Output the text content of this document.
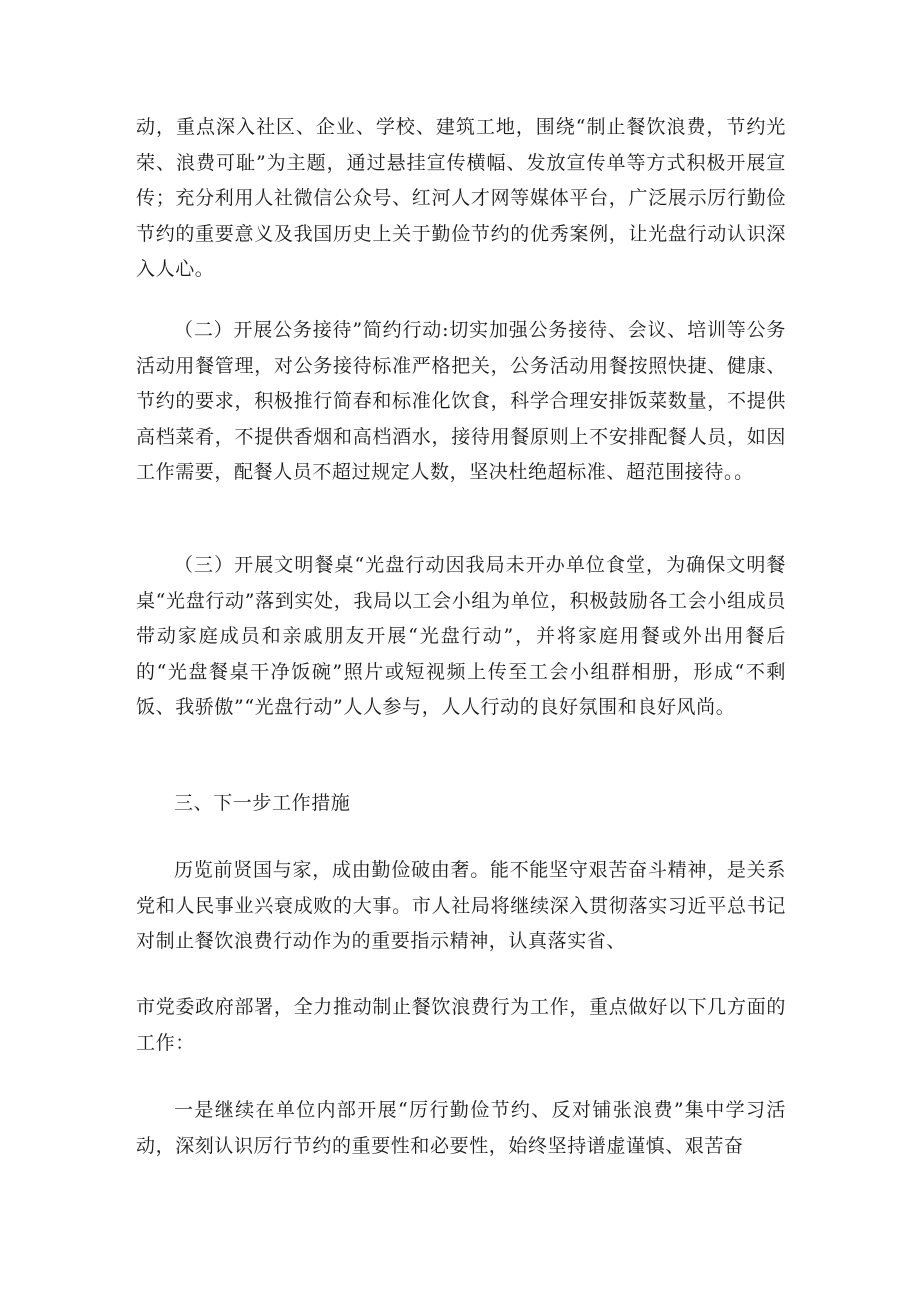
动，重点深入社区、企业、学校、建筑工地，围绕“制止餐饮浪费，节约光荣、浪费可耻”为主题，通过悬挂宣传横幅、发放宣传单等方式积极开展宣传；充分利用人社微信公众号、红河人才网等媒体平台，广泛展示厉行勤俭节约的重要意义及我国历史上关于勤俭节约的优秀案例，让光盘行动认识深入人心。

（二）开展公务接待”简约行动:切实加强公务接待、会议、培训等公务活动用餐管理，对公务接待标准严格把关，公务活动用餐按照快捷、健康、节约的要求，积极推行简春和标准化饮食，科学合理安排饭菜数量，不提供高档菜肴，不提供香烟和高档酒水，接待用餐原则上不安排配餐人员，如因工作需要，配餐人员不超过规定人数，坚决杜绝超标准、超范围接待。。

（三）开展文明餐桌“光盘行动因我局未开办单位食堂，为确保文明餐桌“光盘行动”落到实处，我局以工会小组为单位，积极鼓励各工会小组成员带动家庭成员和亲戚朋友开展“光盘行动”，并将家庭用餐或外出用餐后的“光盘餐桌干净饭碗”照片或短视频上传至工会小组群相册，形成“不剩饭、我骄傲”“光盘行动”人人参与，人人行动的良好氛围和良好风尚。

三、下一步工作措施

历览前贤国与家，成由勤俭破由奢。能不能坚守艰苦奋斗精神，是关系党和人民事业兴衰成败的大事。市人社局将继续深入贯彻落实习近平总书记对制止餐饮浪费行动作为的重要指示精神，认真落实省、

市党委政府部署，全力推动制止餐饮浪费行为工作，重点做好以下几方面的工作：

一是继续在单位内部开展“厉行勤俭节约、反对铺张浪费”集中学习活动，深刻认识厉行节约的重要性和必要性，始终坚持谱虚谨慎、艰苦奋
